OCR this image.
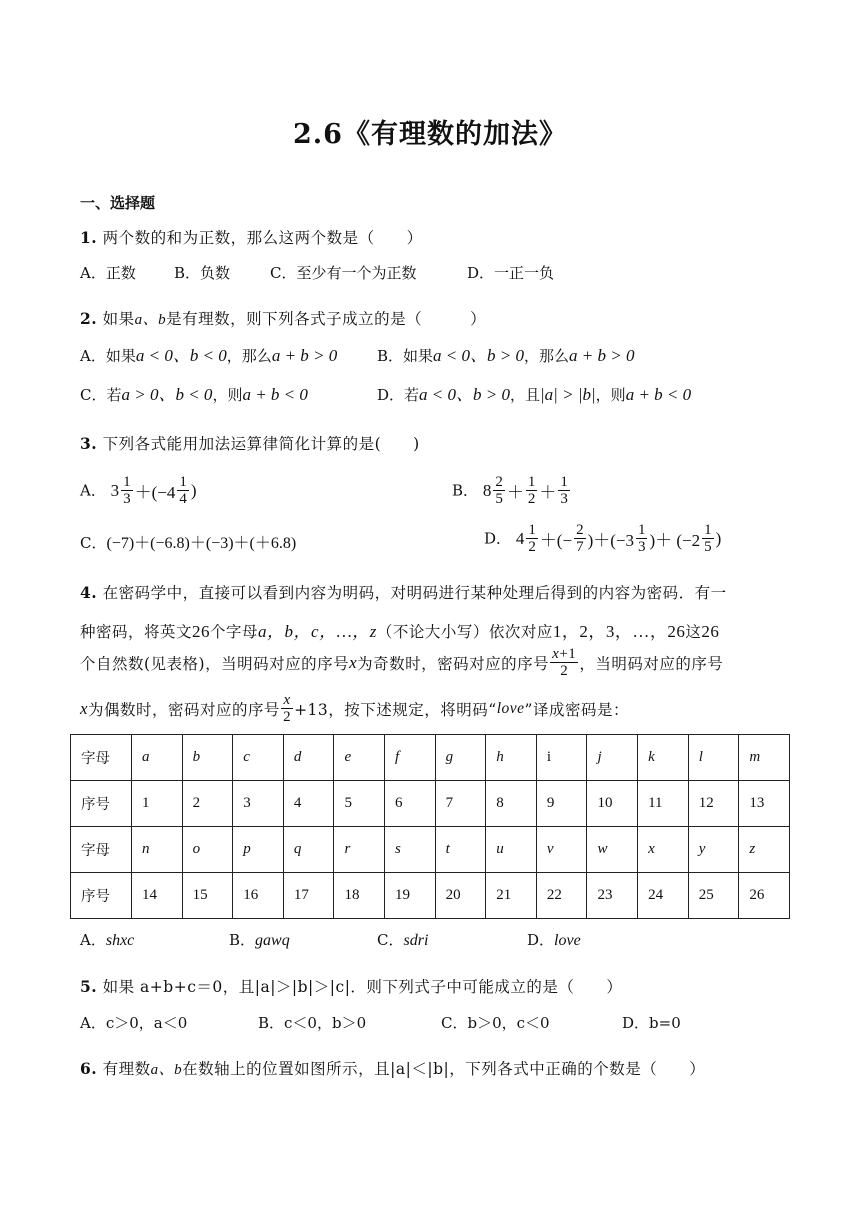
2.6《有理数的加法》
一、选择题
1. 两个数的和为正数，那么这两个数是（　　）
A．正数	B．负数	C．至少有一个为正数	D．一正一负
2. 如果a、b是有理数，则下列各式子成立的是（　　　）
A．如果a < 0、b < 0，那么a + b > 0	B．如果a < 0、b > 0，那么a + b > 0
C．若a > 0、b < 0，则a + b < 0	D．若a < 0、b > 0，且|a| > |b|，则a + b < 0
3. 下列各式能用加法运算律简化计算的是(　　)
A． $3 \frac{1}{3} +(-4 \frac{1}{4}$ )	B． $8 \frac{2}{5} + \frac{1}{2} + \frac{1}{3}$
C．(−7)＋(−6.8)＋(−3)＋(＋6.8)	D． $4 \frac{1}{2}$ ＋(− $\frac{2}{7} )+(-3 \frac{1}{3}$ )＋ ($-2 \frac{1}{5}$ )
4. 在密码学中，直接可以看到内容为明码，对明码进行某种处理后得到的内容为密码．有一
种密码，将英文26个字母a，b，c，…，z（不论大小写）依次对应1，2，3，…，26这26
个自然数(见表格)，当明码对应的序号 x 为奇数时，密码对应的序号 $\frac{x+1}{2}$ ，当明码对应的序号
x 为偶数时，密码对应的序号 $\frac{x}{2} +13$，按下述规定，将明码“ love ”译成密码是：
字母	a	b	c	d	e	f	g	h	i	j	k	l	m
序号	1	2	3	4	5	6	7	8	9	10	11	12	13
字母	n	o	p	q	r	s	t	u	v	w	x	y	z
序号	14	15	16	17	18	19	20	21	22	23	24	25	26
A．shxc	B．gawq	C．sdri	D．love
5. 如果 a+b+c＝0，且|a|＞|b|＞|c|．则下列式子中可能成立的是（　　）
A．c＞0，a＜0	B．c＜0，b＞0	C．b＞0，c＜0	D．b=0
6. 有理数a、b在数轴上的位置如图所示，且|a|＜|b|，下列各式中正确的个数是（　　）
